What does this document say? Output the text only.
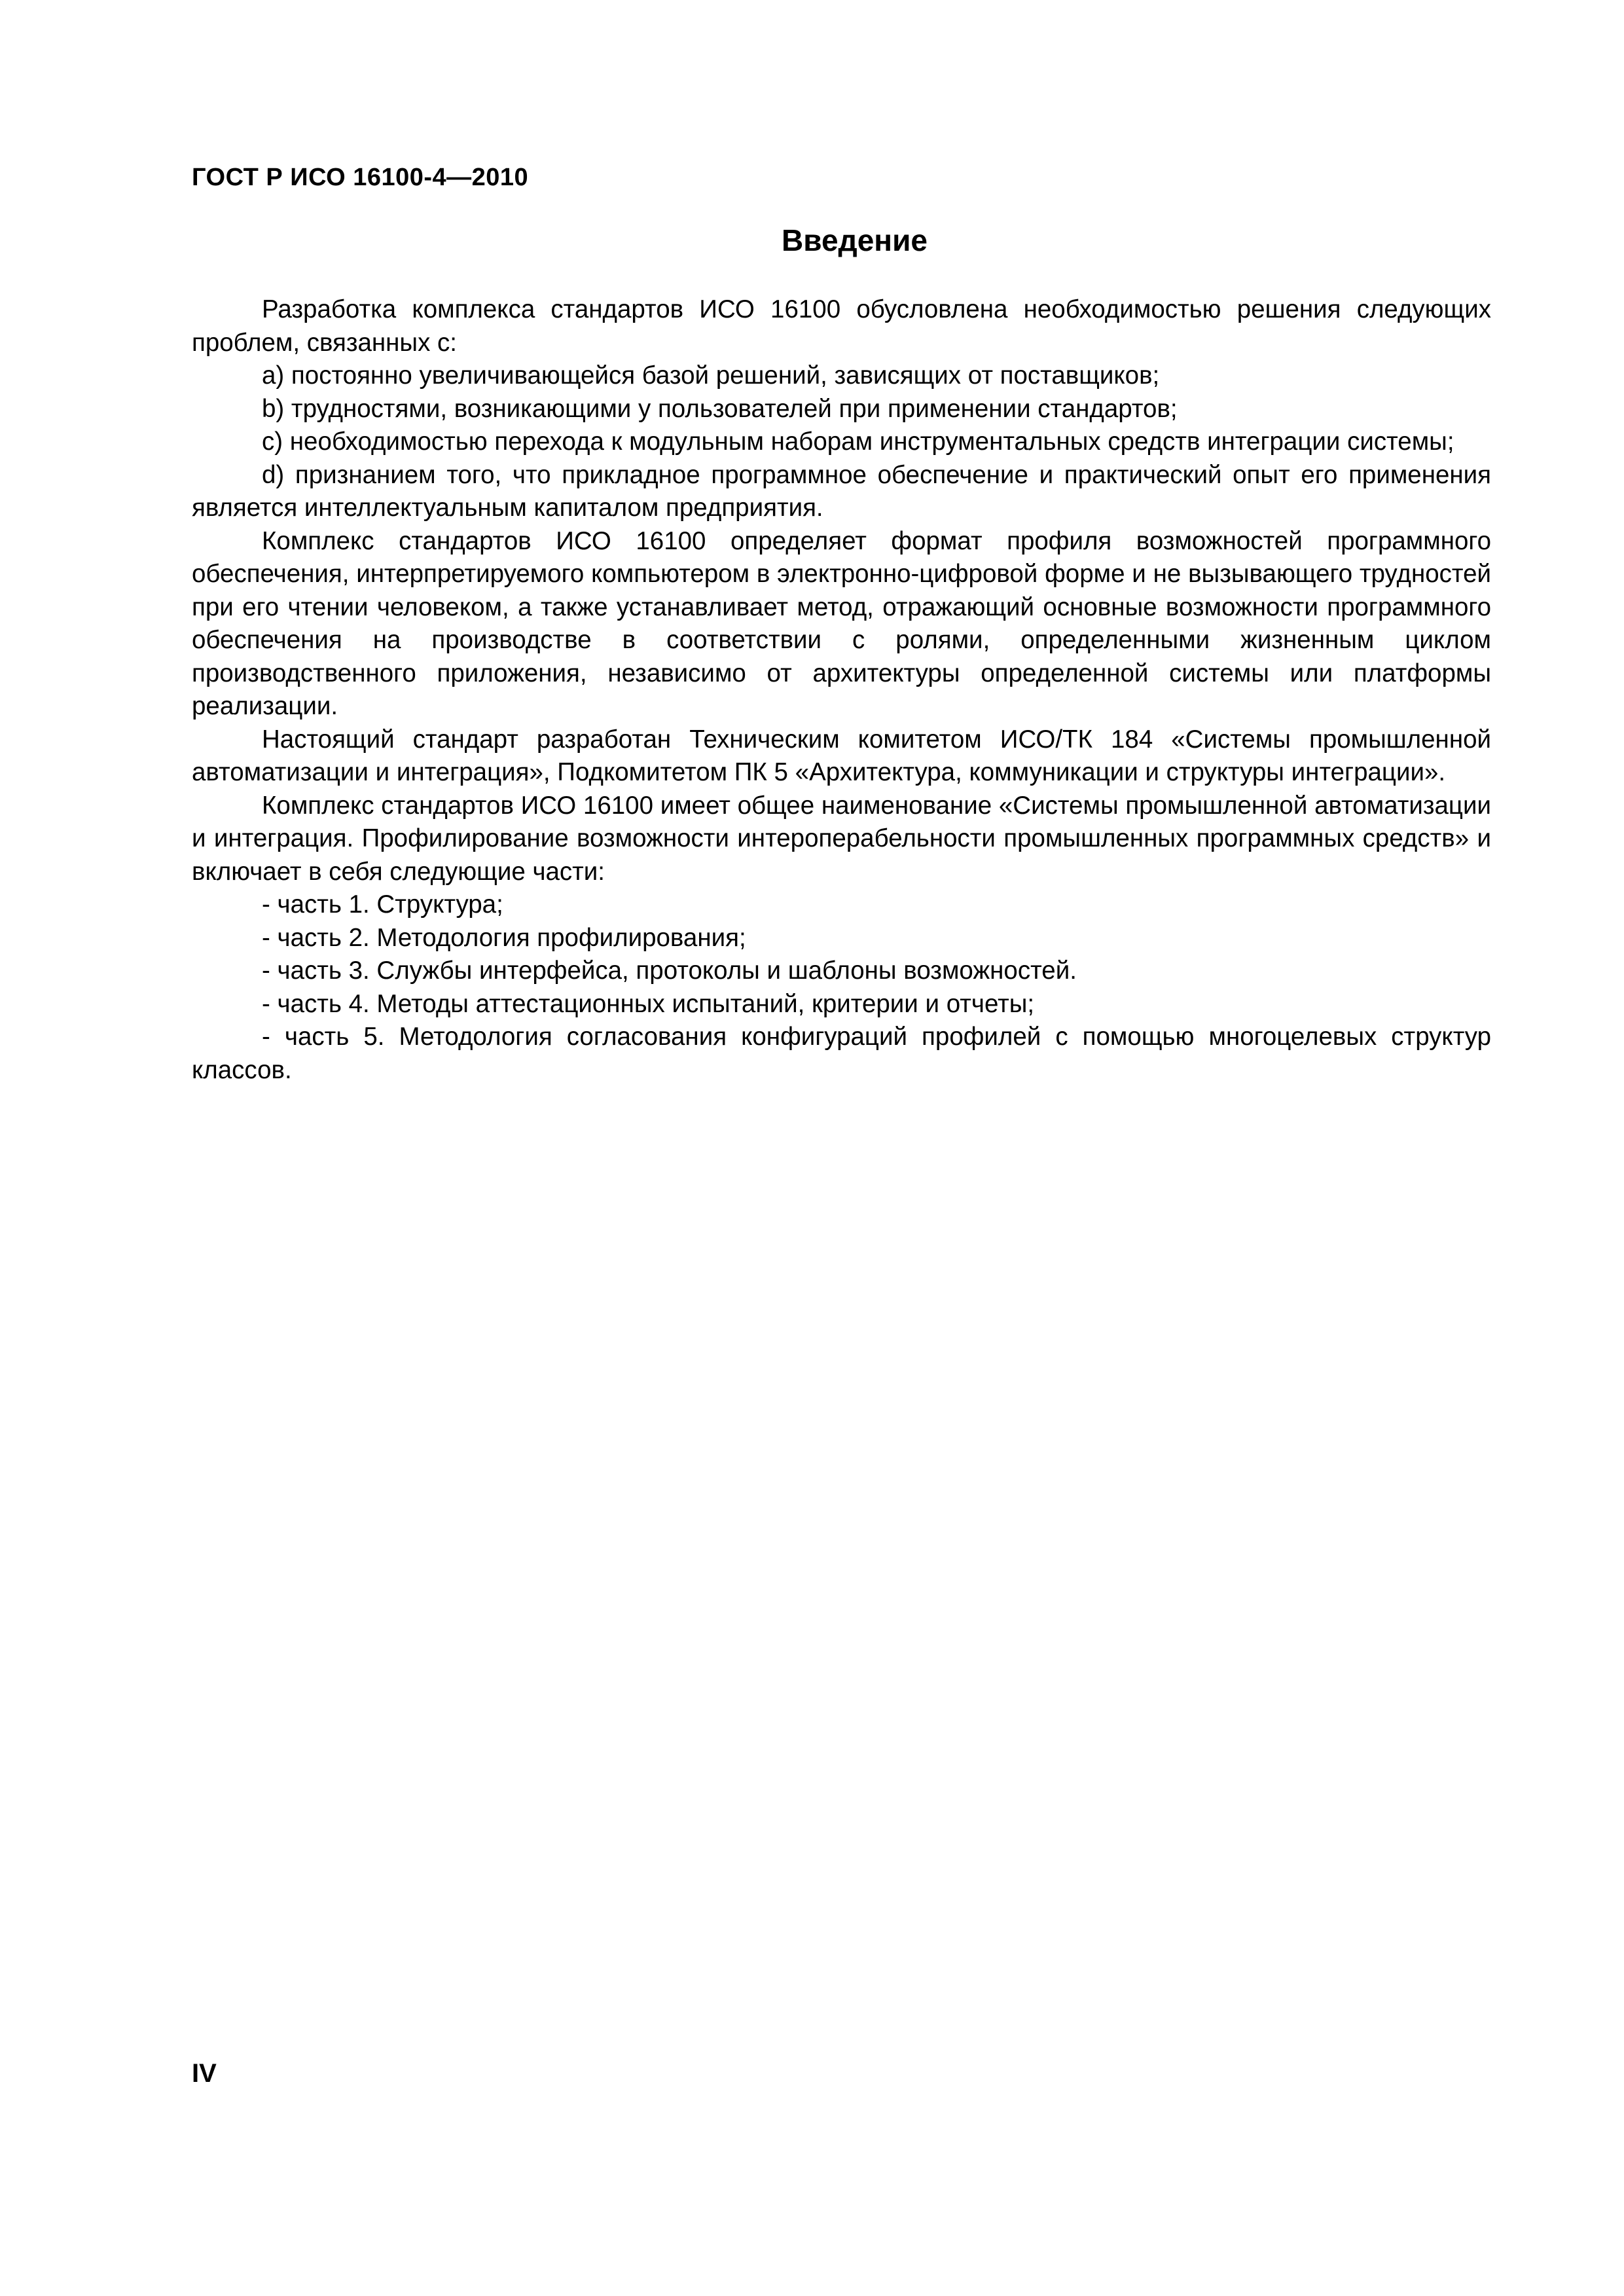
ГОСТ Р ИСО 16100-4—2010
Введение

Разработка комплекса стандартов ИСО 16100 обусловлена необходимостью решения следующих проблем, связанных с:

а) постоянно увеличивающейся базой решений, зависящих от поставщиков;

b) трудностями, возникающими у пользователей при применении стандартов;

c) необходимостью перехода к модульным наборам инструментальных средств интеграции системы;

d) признанием того, что прикладное программное обеспечение и практический опыт его применения является интеллектуальным капиталом предприятия.

Комплекс стандартов ИСО 16100 определяет формат профиля возможностей программного обеспечения, интерпретируемого компьютером в электронно-цифровой форме и не вызывающего трудностей при его чтении человеком, а также устанавливает метод, отражающий основные возможности программного обеспечения на производстве в соответствии с ролями, определенными жизненным циклом производственного приложения, независимо от архитектуры определенной системы или платформы реализации.

Настоящий стандарт разработан Техническим комитетом ИСО/ТК 184 «Системы промышленной автоматизации и интеграция», Подкомитетом ПК 5 «Архитектура, коммуникации и структуры интеграции».

Комплекс стандартов ИСО 16100 имеет общее наименование «Системы промышленной автоматизации и интеграция. Профилирование возможности интероперабельности промышленных программных средств» и включает в себя следующие части:

- часть 1. Структура;

- часть 2. Методология профилирования;

- часть 3. Службы интерфейса, протоколы и шаблоны возможностей.

- часть 4. Методы аттестационных испытаний, критерии и отчеты;

- часть 5. Методология согласования конфигураций профилей с помощью многоцелевых структур классов.

IV
